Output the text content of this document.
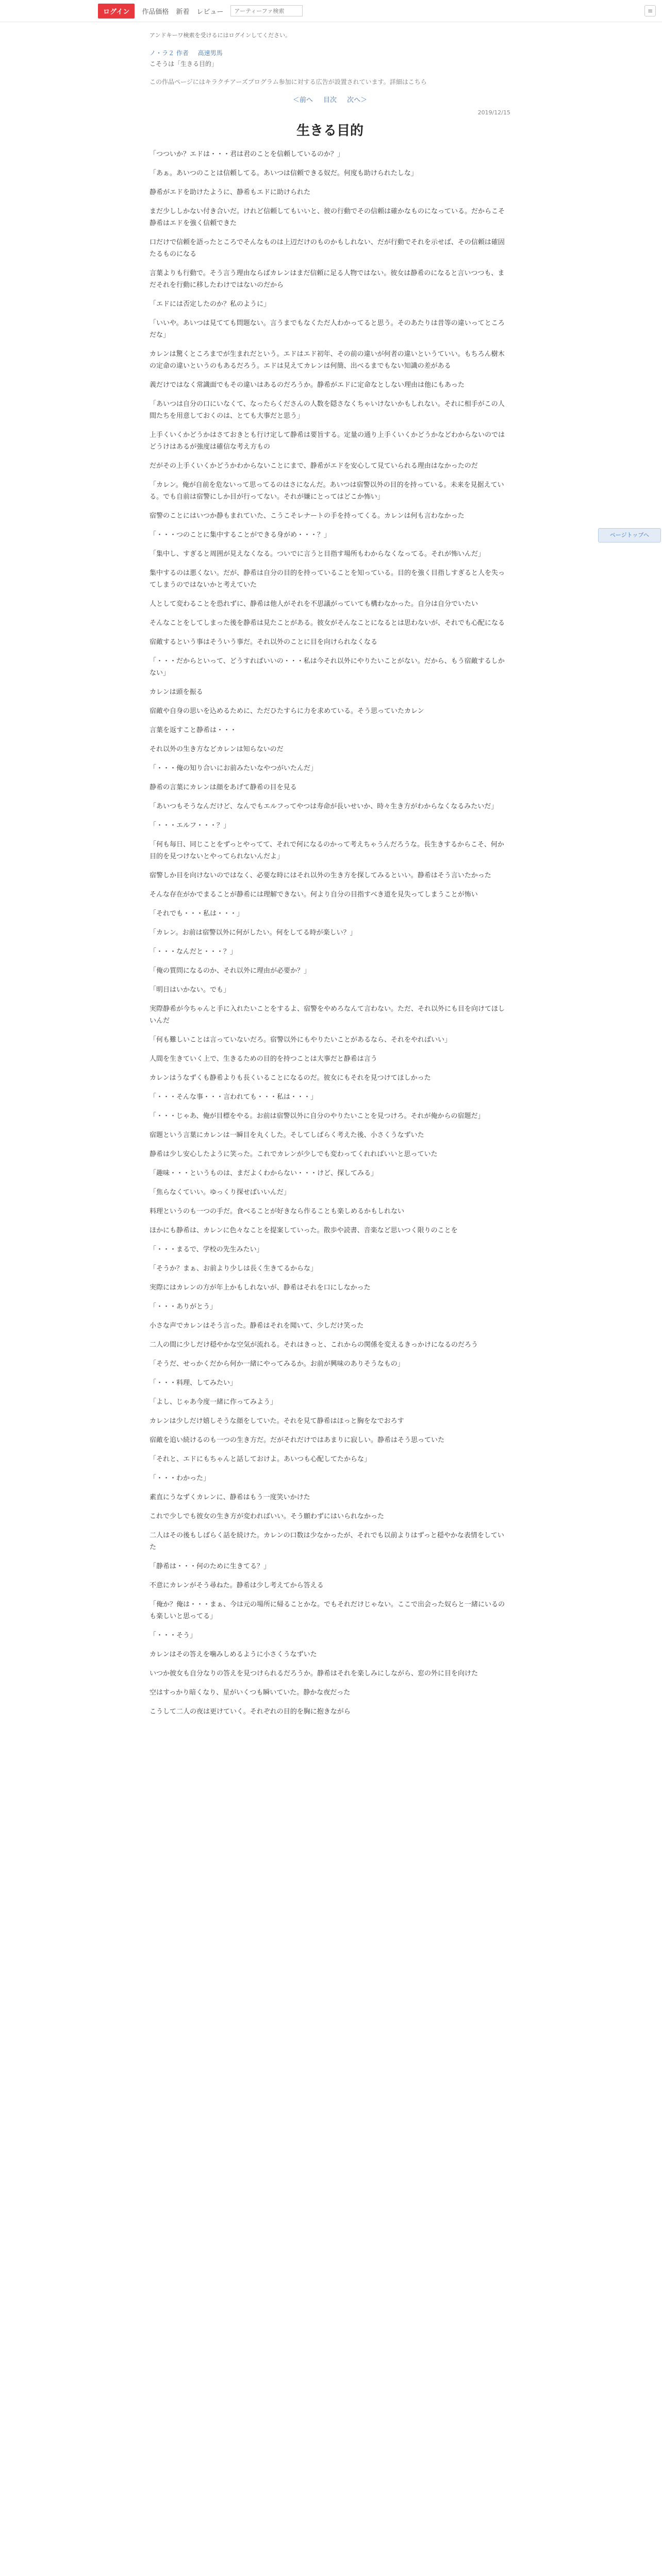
ログイン	作品価格 新着 レビュー
アーティーファ検索	≡
アンドキーワ検索を受けるにはログインしてください。
ノ・ラ２ 作者 高速男馬
こそうは「生きる目的」
この作品ページにはキラクチアーズプログラム参加に対する広告が設置されています。詳細はこちら
＜前へ 目次 次へ＞
2019/12/15
生きる目的

「つついか？エドは・・・君は君のことを信頼しているのか？」

「あぁ。あいつのことは信頼してる。あいつは信頼できる奴だ。何度も助けられたしな」

静希がエドを助けたように、静希もエドに助けられた

まだ少ししかない付き合いだ。けれど信頼してもいいと、彼の行動でその信頼は確かなものになっている。だからこそ静希はエドを強く信頼できた

口だけで信頼を語ったところでそんなものは上辺だけのものかもしれない、だが行動でそれを示せば、その信頼は確固たるものになる

言葉よりも行動で。そう言う理由ならばカレンはまだ信頼に足る人物ではない。彼女は静希のになると言いつつも、まだそれを行動に移したわけではないのだから

「エドには否定したのか？私のように」

「いいや。あいつは見てても問題ない。言うまでもなくただ人わかってると思う。そのあたりは昔等の違いってところだな」

カレンは驚くところまでが生まれだという。エドはエド初年、その前の違いが何者の違いというていい。もちろん樹木の定命の違いというのもあるだろう。エドは見えてカレンは何簡、出べるまでもない知識の差がある

義だけではなく常識面でもその違いはあるのだろうか。静希がエドに定命なとしない理由は他にもあった

「あいつは自分の口にいなくて、なったらくださんの人数を隠さなくちゃいけないかもしれない。それに相手がこの人間たちを用意しておくのは、とても大事だと思う」

上手くいくかどうかはさておきとも行け定して静希は要旨する。定量の通り上手くいくかどうかなどわからないのではどうけはあるが強度は確信な考え方もの

だがその上手くいくかどうかわからないことにまで、静希がエドを安心して見ていられる理由はなかったのだ

「カレン。俺が自前を危ないって思ってるのはさになんだ。あいつは宿警以外の目的を持っている。未来を見据えている。でも自前は宿警にしか目が行ってない。それが嫌にとってはどこか怖い」

宿警のことにはいつか静もまれていた、こうこそレナートの手を持ってくる。カレンは何も言わなかった

「・・・つのことに集中することができる身がめ・・・？」

「集中し、すぎると周囲が見えなくなる。ついでに言うと目指す場所もわからなくなってる。それが怖いんだ」

集中するのは悪くない。だが、静希は自分の目的を持っていることを知っている。目的を強く目指しすぎると人を失ってしまうのではないかと考えていた

人として変わることを恐れずに、静希は他人がそれを不思議がっていても構わなかった。自分は自分でいたい

そんなことをしてしまった後を静希は見たことがある。彼女がそんなことになるとは思わないが、それでも心配になる

宿敵するという事はそういう事だ。それ以外のことに目を向けられなくなる

「・・・だからといって、どうすればいいの・・・私は今それ以外にやりたいことがない。だから、もう宿敵するしかない」

カレンは頭を振る

宿敵や自身の思いを込めるために、ただひたすらに力を求めている。そう思っていたカレン

言葉を返すこと静希は・・・

それ以外の生き方などカレンは知らないのだ

「・・・俺の知り合いにお前みたいなやつがいたんだ」

静希の言葉にカレンは顔をあげて静希の目を見る

「あいつもそうなんだけど、なんでもエルフってやつは寿命が長いせいか、時々生き方がわからなくなるみたいだ」

「・・・エルフ・・・？」

「何も毎日、同じことをずっとやってて、それで何になるのかって考えちゃうんだろうな。長生きするからこそ、何か目的を見つけないとやってられないんだよ」

宿警しか目を向けないのではなく、必要な時にはそれ以外の生き方を探してみるといい。静希はそう言いたかった

そんな存在がかでまることが静希には理解できない。何より自分の目指すべき道を見失ってしまうことが怖い

「それでも・・・私は・・・」

「カレン。お前は宿警以外に何がしたい。何をしてる時が楽しい？」

「・・・なんだと・・・？」

「俺の質問になるのか、それ以外に理由が必要か？」

「明日はいかない。でも」

実際静希が今ちゃんと手に入れたいことをするよ、宿警をやめろなんて言わない。ただ、それ以外にも目を向けてほしいんだ

「何も難しいことは言っていないだろ。宿警以外にもやりたいことがあるなら、それをやればいい」

人間を生きていく上で、生きるための目的を持つことは大事だと静希は言う

カレンはうなずくも静希よりも長くいることになるのだ。彼女にもそれを見つけてほしかった

「・・・そんな事・・・言われても・・・私は・・・」

「・・・じゃあ、俺が目標をやる。お前は宿警以外に自分のやりたいことを見つけろ。それが俺からの宿題だ」

宿題という言葉にカレンは一瞬目を丸くした。そしてしばらく考えた後、小さくうなずいた

静希は少し安心したように笑った。これでカレンが少しでも変わってくれればいいと思っていた

「趣味・・・というものは、まだよくわからない・・・けど、探してみる」

「焦らなくていい。ゆっくり探せばいいんだ」

料理というのも一つの手だ。食べることが好きなら作ることも楽しめるかもしれない

ほかにも静希は、カレンに色々なことを提案していった。散歩や読書、音楽など思いつく限りのことを

「・・・まるで、学校の先生みたい」

「そうか？まぁ、お前より少しは長く生きてるからな」

実際にはカレンの方が年上かもしれないが、静希はそれを口にしなかった

「・・・ありがとう」

小さな声でカレンはそう言った。静希はそれを聞いて、少しだけ笑った

二人の間に少しだけ穏やかな空気が流れる。それはきっと、これからの関係を変えるきっかけになるのだろう

「そうだ、せっかくだから何か一緒にやってみるか。お前が興味のありそうなもの」

「・・・料理、してみたい」

「よし、じゃあ今度一緒に作ってみよう」

カレンは少しだけ嬉しそうな顔をしていた。それを見て静希はほっと胸をなでおろす

宿敵を追い続けるのも一つの生き方だ。だがそれだけではあまりに寂しい。静希はそう思っていた

「それと、エドにもちゃんと話しておけよ。あいつも心配してたからな」

「・・・わかった」

素直にうなずくカレンに、静希はもう一度笑いかけた

これで少しでも彼女の生き方が変わればいい。そう願わずにはいられなかった

二人はその後もしばらく話を続けた。カレンの口数は少なかったが、それでも以前よりはずっと穏やかな表情をしていた

「静希は・・・何のために生きてる？」

不意にカレンがそう尋ねた。静希は少し考えてから答える

「俺か？俺は・・・まぁ、今は元の場所に帰ることかな。でもそれだけじゃない。ここで出会った奴らと一緒にいるのも楽しいと思ってる」

「・・・そう」

カレンはその答えを噛みしめるように小さくうなずいた

いつか彼女も自分なりの答えを見つけられるだろうか。静希はそれを楽しみにしながら、窓の外に目を向けた

空はすっかり暗くなり、星がいくつも瞬いていた。静かな夜だった

こうして二人の夜は更けていく。それぞれの目的を胸に抱きながら

ページトップへ
